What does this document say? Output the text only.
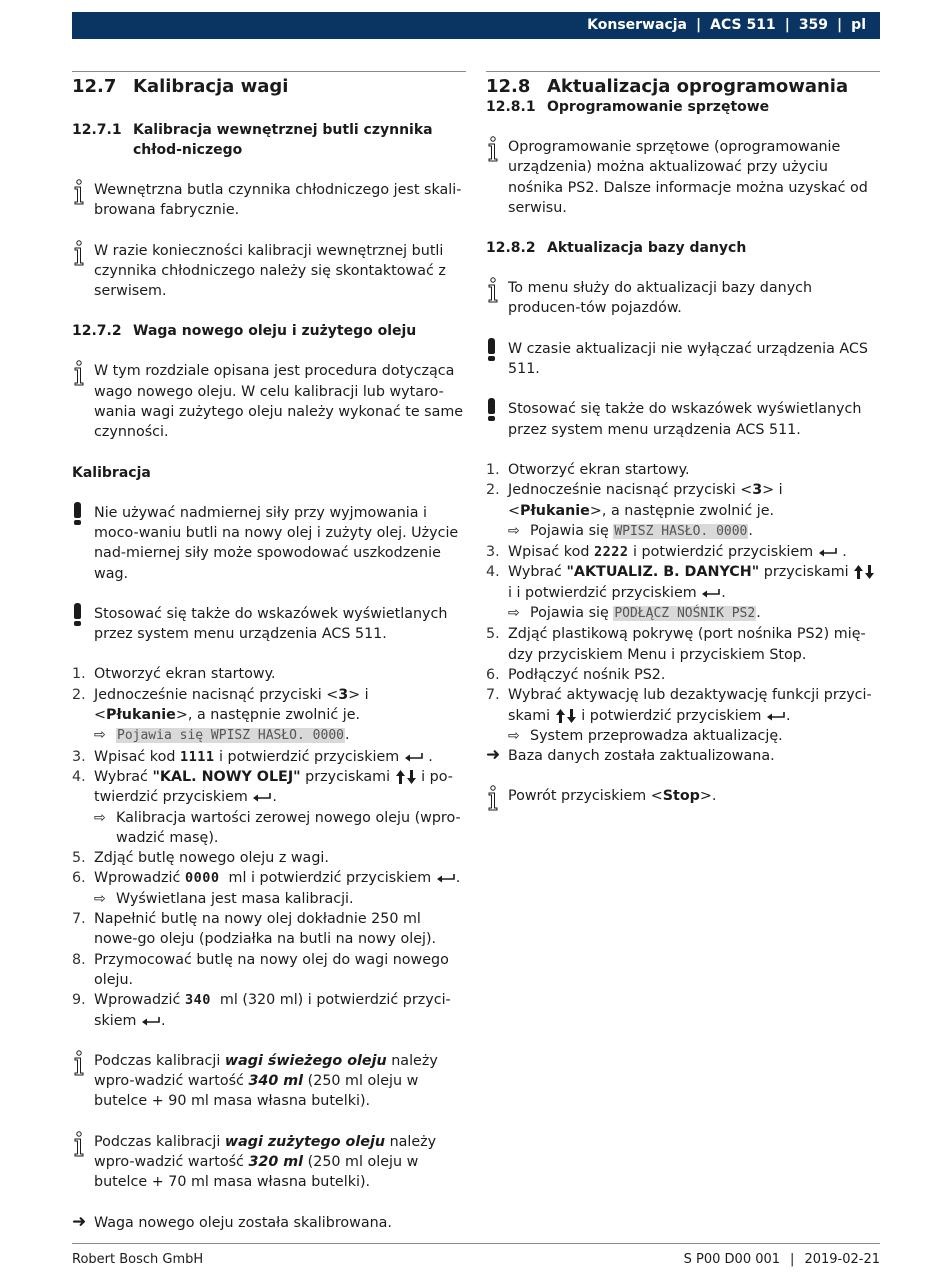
Konserwacja | ACS 511 | 359 | pl
12.7 Kalibracja wagi
12.7.1 Kalibracja wewnętrznej butli czynnika chłod-niczego
Wewnętrzna butla czynnika chłodniczego jest skali-browana fabrycznie.
W razie konieczności kalibracji wewnętrznej butli czynnika chłodniczego należy się skontaktować z serwisem.
12.7.2 Waga nowego oleju i zużytego oleju
W tym rozdziale opisana jest procedura dotycząca wago nowego oleju. W celu kalibracji lub wytaro-wania wagi zużytego oleju należy wykonać te same czynności.
Kalibracja
Nie używać nadmiernej siły przy wyjmowania i moco-waniu butli na nowy olej i zużyty olej. Użycie nad-miernej siły może spowodować uszkodzenie wag.
Stosować się także do wskazówek wyświetlanych przez system menu urządzenia ACS 511.
1. Otworzyć ekran startowy.
2. Jednocześnie nacisnąć przyciski <3> i <Płukanie>, a następnie zwolnić je.
⇨ Pojawia się WPISZ HASŁO. 0000.
3. Wpisać kod 1111 i potwierdzić przyciskiem  .
4. Wybrać "KAL. NOWY OLEJ" przyciskami i po-twierdzić przyciskiem .
⇨ Kalibracja wartości zerowej nowego oleju (wpro-wadzić masę).
5. Zdjąć butlę nowego oleju z wagi.
6. Wprowadzić 0000 ml i potwierdzić przyciskiem .
⇨ Wyświetlana jest masa kalibracji.
7. Napełnić butlę na nowy olej dokładnie 250 ml nowe-go oleju (podziałka na butli na nowy olej).
8. Przymocować butlę na nowy olej do wagi nowego oleju.
9. Wprowadzić 340 ml (320 ml) i potwierdzić przyci-skiem .
Podczas kalibracji wagi świeżego oleju należy wpro-wadzić wartość 340 ml (250 ml oleju w butelce + 90 ml masa własna butelki).
Podczas kalibracji wagi zużytego oleju należy wpro-wadzić wartość 320 ml (250 ml oleju w butelce + 70 ml masa własna butelki).
➜ Waga nowego oleju została skalibrowana.
12.8 Aktualizacja oprogramowania
12.8.1 Oprogramowanie sprzętowe
Oprogramowanie sprzętowe (oprogramowanie urządzenia) można aktualizować przy użyciu nośnika PS2. Dalsze informacje można uzyskać od serwisu.
12.8.2 Aktualizacja bazy danych
To menu służy do aktualizacji bazy danych producen-tów pojazdów.
W czasie aktualizacji nie wyłączać urządzenia ACS 511.
Stosować się także do wskazówek wyświetlanych przez system menu urządzenia ACS 511.
1. Otworzyć ekran startowy.
2. Jednocześnie nacisnąć przyciski <3> i <Płukanie>, a następnie zwolnić je.
⇨ Pojawia się WPISZ HASŁO. 0000.
3. Wpisać kod 2222 i potwierdzić przyciskiem  .
4. Wybrać "AKTUALIZ. B. DANYCH" przyciskami  i i potwierdzić przyciskiem .
⇨ Pojawia się PODŁĄCZ NOŚNIK PS2.
5. Zdjąć plastikową pokrywę (port nośnika PS2) mię-dzy przyciskiem Menu i przyciskiem Stop.
6. Podłączyć nośnik PS2.
7. Wybrać aktywację lub dezaktywację funkcji przyci-skami i potwierdzić przyciskiem .
⇨ System przeprowadza aktualizację.
➜ Baza danych została zaktualizowana.
Powrót przyciskiem <Stop>.
Robert Bosch GmbH	S P00 D00 001 | 2019-02-21
